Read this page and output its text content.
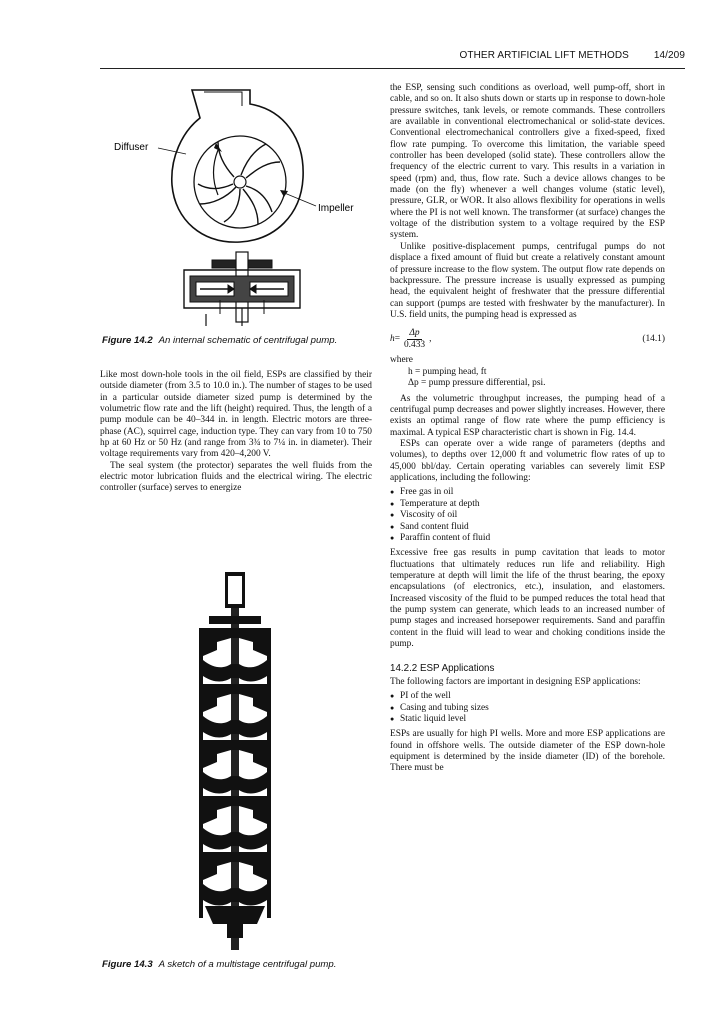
OTHER ARTIFICIAL LIFT METHODS 14/209
Diffuser
Impeller
Figure 14.2 An internal schematic of centrifugal pump.

Like most down-hole tools in the oil field, ESPs are classified by their outside diameter (from 3.5 to 10.0 in.). The number of stages to be used in a particular outside diameter sized pump is determined by the volumetric flow rate and the lift (height) required. Thus, the length of a pump module can be 40–344 in. in length. Electric motors are three-phase (AC), squirrel cage, induction type. They can vary from 10 to 750 hp at 60 Hz or 50 Hz (and range from 3¾ to 7¼ in. in diameter). Their voltage requirements vary from 420–4,200 V.

The seal system (the protector) separates the well fluids from the electric motor lubrication fluids and the electrical wiring. The electric controller (surface) serves to energize

Figure 14.3 A sketch of a multistage centrifugal pump.

the ESP, sensing such conditions as overload, well pump-off, short in cable, and so on. It also shuts down or starts up in response to down-hole pressure switches, tank levels, or remote commands. These controllers are available in conventional electromechanical or solid-state devices. Conventional electromechanical controllers give a fixed-speed, fixed flow rate pumping. To overcome this limitation, the variable speed controller has been developed (solid state). These controllers allow the frequency of the electric current to vary. This results in a variation in speed (rpm) and, thus, flow rate. Such a device allows changes to be made (on the fly) whenever a well changes volume (static level), pressure, GLR, or WOR. It also allows flexibility for operations in wells where the PI is not well known. The transformer (at surface) changes the voltage of the distribution system to a voltage required by the ESP system.

Unlike positive-displacement pumps, centrifugal pumps do not displace a fixed amount of fluid but create a relatively constant amount of pressure increase to the flow system. The output flow rate depends on backpressure. The pressure increase is usually expressed as pumping head, the equivalent height of freshwater that the pressure differential can support (pumps are tested with freshwater by the manufacturer). In U.S. field units, the pumping head is expressed as

$h = \frac{\Delta p}{0.433}$ ,	(14.1)

where

h = pumping head, ft
Δp = pump pressure differential, psi.

As the volumetric throughput increases, the pumping head of a centrifugal pump decreases and power slightly increases. However, there exists an optimal range of flow rate where the pump efficiency is maximal. A typical ESP characteristic chart is shown in Fig. 14.4.

ESPs can operate over a wide range of parameters (depths and volumes), to depths over 12,000 ft and volumetric flow rates of up to 45,000 bbl/day. Certain operating variables can severely limit ESP applications, including the following:

● Free gas in oil
● Temperature at depth
● Viscosity of oil
● Sand content fluid
● Paraffin content of fluid

Excessive free gas results in pump cavitation that leads to motor fluctuations that ultimately reduces run life and reliability. High temperature at depth will limit the life of the thrust bearing, the epoxy encapsulations (of electronics, etc.), insulation, and elastomers. Increased viscosity of the fluid to be pumped reduces the total head that the pump system can generate, which leads to an increased number of pump stages and increased horsepower requirements. Sand and paraffin content in the fluid will lead to wear and choking conditions inside the pump.

14.2.2 ESP Applications

The following factors are important in designing ESP applications:

● PI of the well
● Casing and tubing sizes
● Static liquid level

ESPs are usually for high PI wells. More and more ESP applications are found in offshore wells. The outside diameter of the ESP down-hole equipment is determined by the inside diameter (ID) of the borehole. There must be
